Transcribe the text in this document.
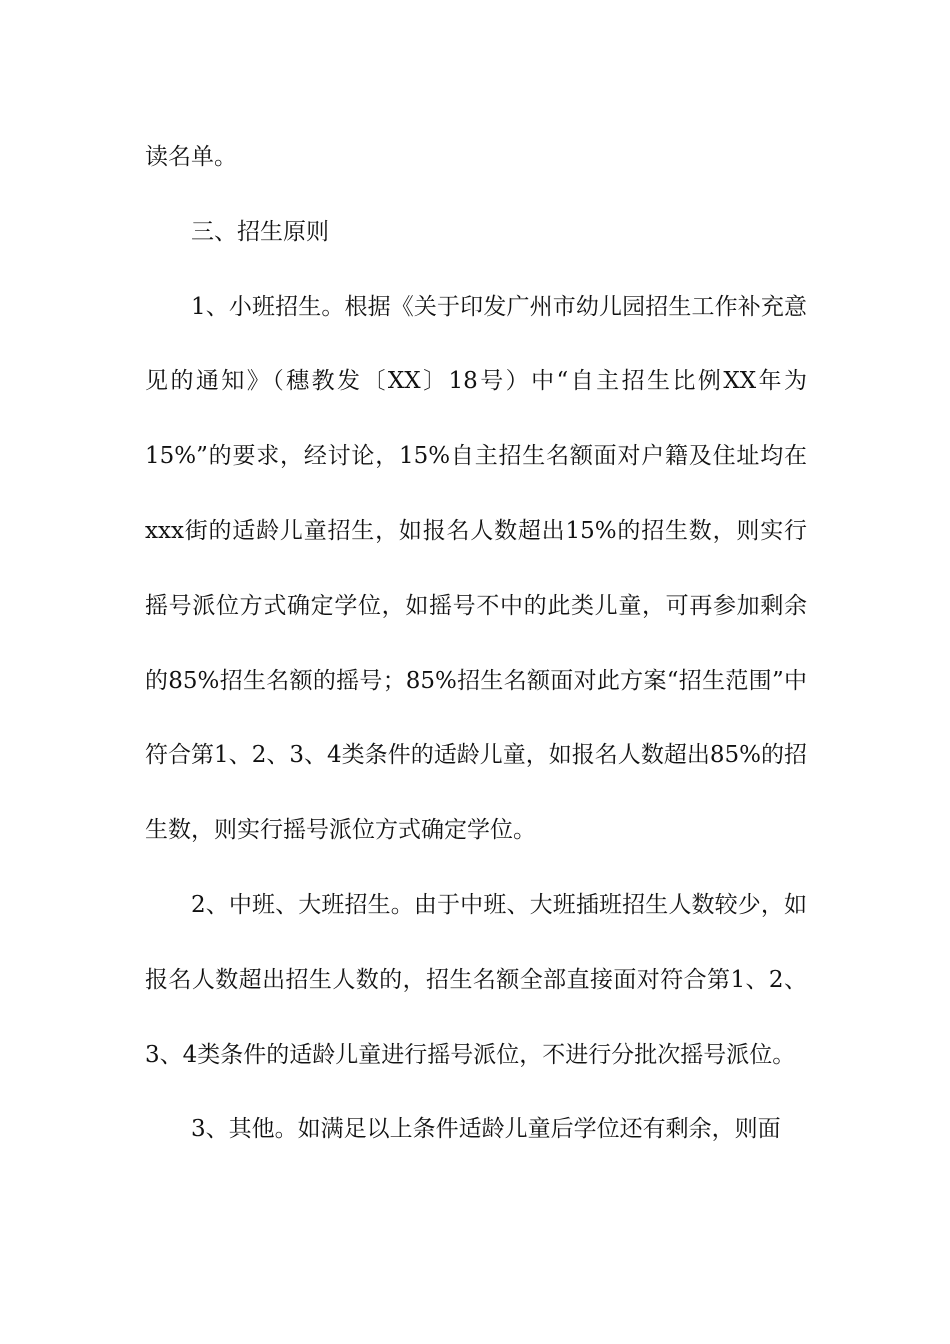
读名单。

三、招生原则

1、小班招生。根据《关于印发广州市幼儿园招生工作补充意见的通知》（穗教发〔XX〕18号）中“自主招生比例XX年为15%”的要求，经讨论，15%自主招生名额面对户籍及住址均在xxx街的适龄儿童招生，如报名人数超出15%的招生数，则实行摇号派位方式确定学位，如摇号不中的此类儿童，可再参加剩余的85%招生名额的摇号；85%招生名额面对此方案“招生范围”中符合第1、2、3、4类条件的适龄儿童，如报名人数超出85%的招生数，则实行摇号派位方式确定学位。

2、中班、大班招生。由于中班、大班插班招生人数较少，如报名人数超出招生人数的，招生名额全部直接面对符合第1、2、3、4类条件的适龄儿童进行摇号派位，不进行分批次摇号派位。

3、其他。如满足以上条件适龄儿童后学位还有剩余，则面
